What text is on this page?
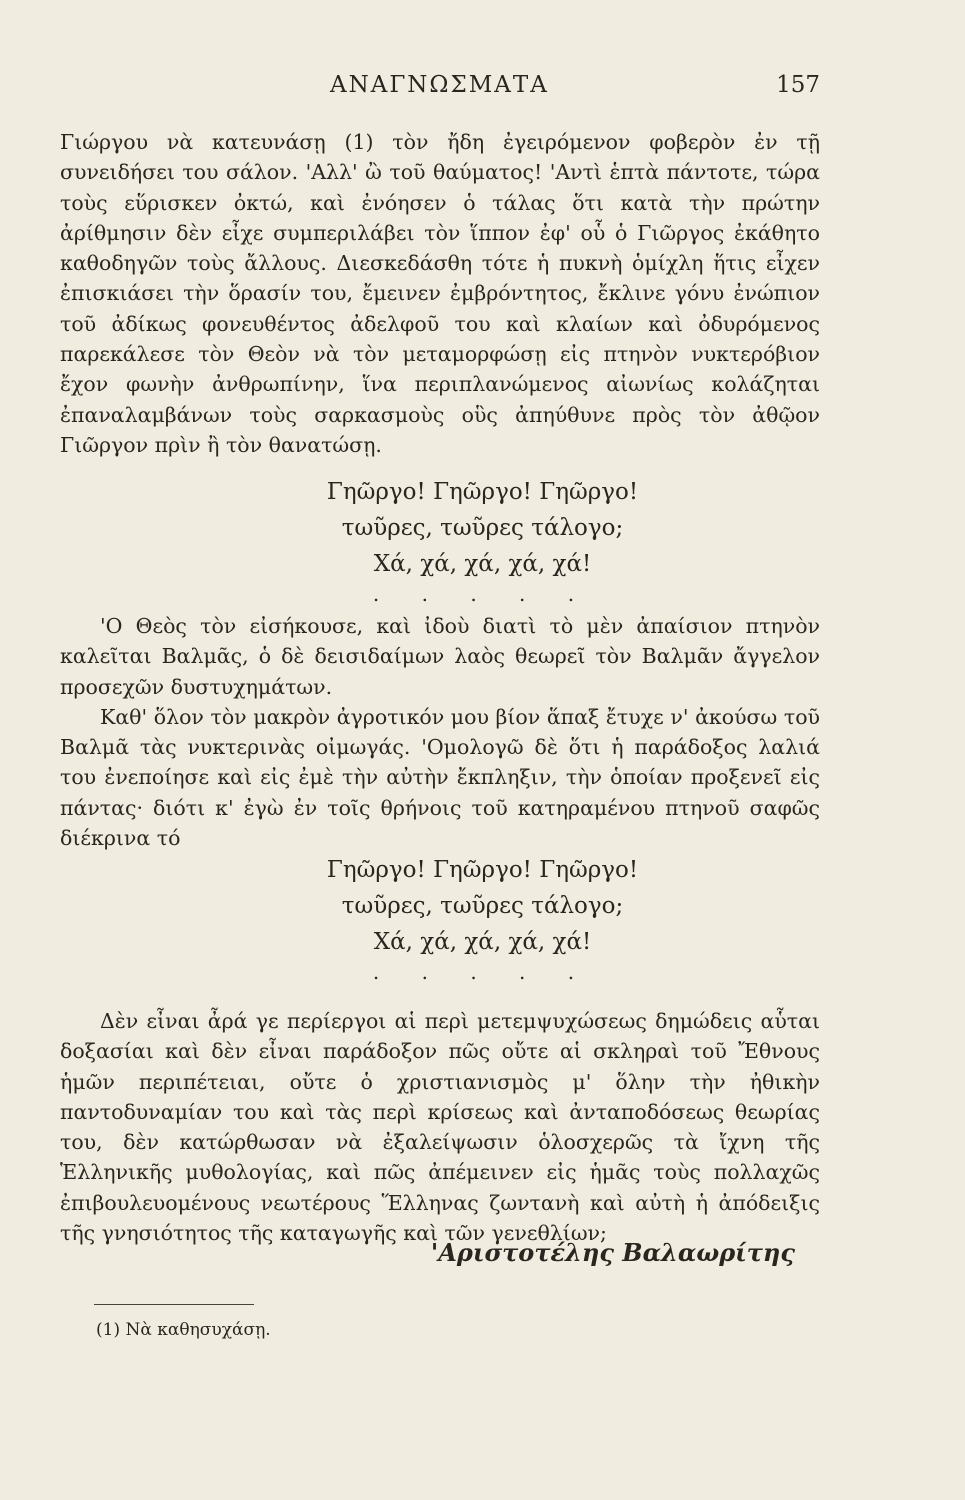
ΑΝΑΓΝΩΣΜΑΤΑ	157

Γιώργου νὰ κατευνάσῃ (1) τὸν ἤδη ἐγειρόμενον φοβερὸν ἐν τῇ συνειδήσει του σάλον. 'Αλλ' ὢ τοῦ θαύματος! 'Αντὶ ἑπτὰ πάντοτε, τώρα τοὺς εὕρισκεν ὀκτώ, καὶ ἐνόησεν ὁ τάλας ὅτι κατὰ τὴν πρώτην ἀρίθμησιν δὲν εἶχε συμπεριλάβει τὸν ἵππον ἐφ' οὗ ὁ Γιῶργος ἐκάθητο καθοδηγῶν τοὺς ἄλλους. Διεσκεδάσθη τότε ἡ πυκνὴ ὁμίχλη ἥτις εἶχεν ἐπισκιάσει τὴν ὅρασίν του, ἔμεινεν ἐμβρόντητος, ἔκλινε γόνυ ἐνώπιον τοῦ ἀδίκως φονευθέντος ἀδελφοῦ του καὶ κλαίων καὶ ὀδυρόμενος παρεκάλεσε τὸν Θεὸν νὰ τὸν μεταμορφώσῃ εἰς πτηνὸν νυκτερόβιον ἔχον φωνὴν ἀνθρωπίνην, ἵνα περιπλανώμενος αἰωνίως κολάζηται ἐπαναλαμβάνων τοὺς σαρκασμοὺς οὓς ἀπηύθυνε πρὸς τὸν ἀθῷον Γιῶργον πρὶν ἢ τὸν θανατώσῃ.

Γηῶργο! Γηῶργο! Γηῶργο!
τωῦρες, τωῦρες τάλογο;
Χά, χά, χά, χά, χά!
. . . . .
'Ο Θεὸς τὸν εἰσήκουσε, καὶ ἰδοὺ διατὶ τὸ μὲν ἀπαίσιον πτηνὸν καλεῖται Βαλμᾶς, ὁ δὲ δεισιδαίμων λαὸς θεωρεῖ τὸν Βαλμᾶν ἄγγελον προσεχῶν δυστυχημάτων.
Καθ' ὅλον τὸν μακρὸν ἀγροτικόν μου βίον ἅπαξ ἔτυχε ν' ἀκούσω τοῦ Βαλμᾶ τὰς νυκτερινὰς οἰμωγάς. 'Ομολογῶ δὲ ὅτι ἡ παράδοξος λαλιά του ἐνεποίησε καὶ εἰς ἐμὲ τὴν αὐτὴν ἔκπληξιν, τὴν ὁποίαν προξενεῖ εἰς πάντας· διότι κ' ἐγὼ ἐν τοῖς θρήνοις τοῦ κατηραμένου πτηνοῦ σαφῶς διέκρινα τό
Γηῶργο! Γηῶργο! Γηῶργο!
τωῦρες, τωῦρες τάλογο;
Χά, χά, χά, χά, χά!
. . . . .

Δὲν εἶναι ἆρά γε περίεργοι αἱ περὶ μετεμψυχώσεως δημώδεις αὗται δοξασίαι καὶ δὲν εἶναι παράδοξον πῶς οὔτε αἱ σκληραὶ τοῦ Ἔθνους ἡμῶν περιπέτειαι, οὔτε ὁ χριστιανισμὸς μ' ὅλην τὴν ἠθικὴν παντοδυναμίαν του καὶ τὰς περὶ κρίσεως καὶ ἀνταποδόσεως θεωρίας του, δὲν κατώρθωσαν νὰ ἐξαλείψωσιν ὁλοσχερῶς τὰ ἴχνη τῆς Ἑλληνικῆς μυθολογίας, καὶ πῶς ἀπέμεινεν εἰς ἡμᾶς τοὺς πολλαχῶς ἐπιβουλευομένους νεωτέρους Ἕλληνας ζωντανὴ καὶ αὐτὴ ἡ ἀπόδειξις τῆς γνησιότητος τῆς καταγωγῆς καὶ τῶν γενεθλίων;

'Αριστοτέλης Βαλαωρίτης
(1) Νὰ καθησυχάσῃ.
